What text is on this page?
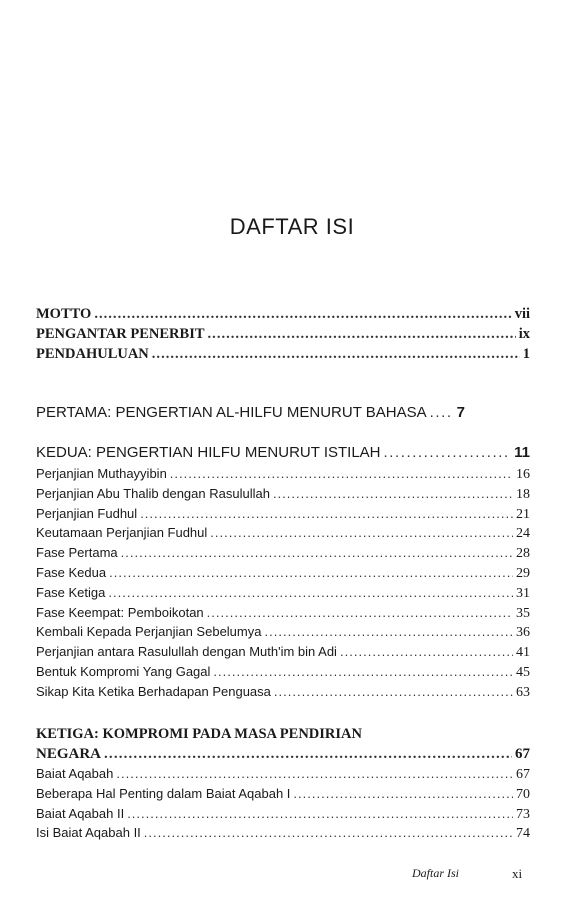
DAFTAR ISI
MOTTO . . .	vii
PENGANTAR PENERBIT . . .	ix
PENDAHULUAN . . .	1
PERTAMA: PENGERTIAN AL-HILFU MENURUT BAHASA . . . 7
KEDUA: PENGERTIAN HILFU MENURUT ISTILAH . . .	11
Perjanjian Muthayyibin . . .	16
Perjanjian Abu Thalib dengan Rasulullah . . .	18
Perjanjian Fudhul . . .	21
Keutamaan Perjanjian Fudhul . . .	24
Fase Pertama . . .	28
Fase Kedua . . .	29
Fase Ketiga . . .	31
Fase Keempat: Pemboikotan . . .	35
Kembali Kepada Perjanjian Sebelumya . . .	36
Perjanjian antara Rasulullah dengan Muth'im bin Adi . . .	41
Bentuk Kompromi Yang Gagal . . .	45
Sikap Kita Ketika Berhadapan Penguasa . . .	63
KETIGA: KOMPROMI PADA MASA PENDIRIAN
NEGARA . . .	67
Baiat Aqabah . . .	67
Beberapa Hal Penting dalam Baiat Aqabah I . . .	70
Baiat Aqabah II . . .	73
Isi Baiat Aqabah II . . .	74
Daftar Isi	xi
